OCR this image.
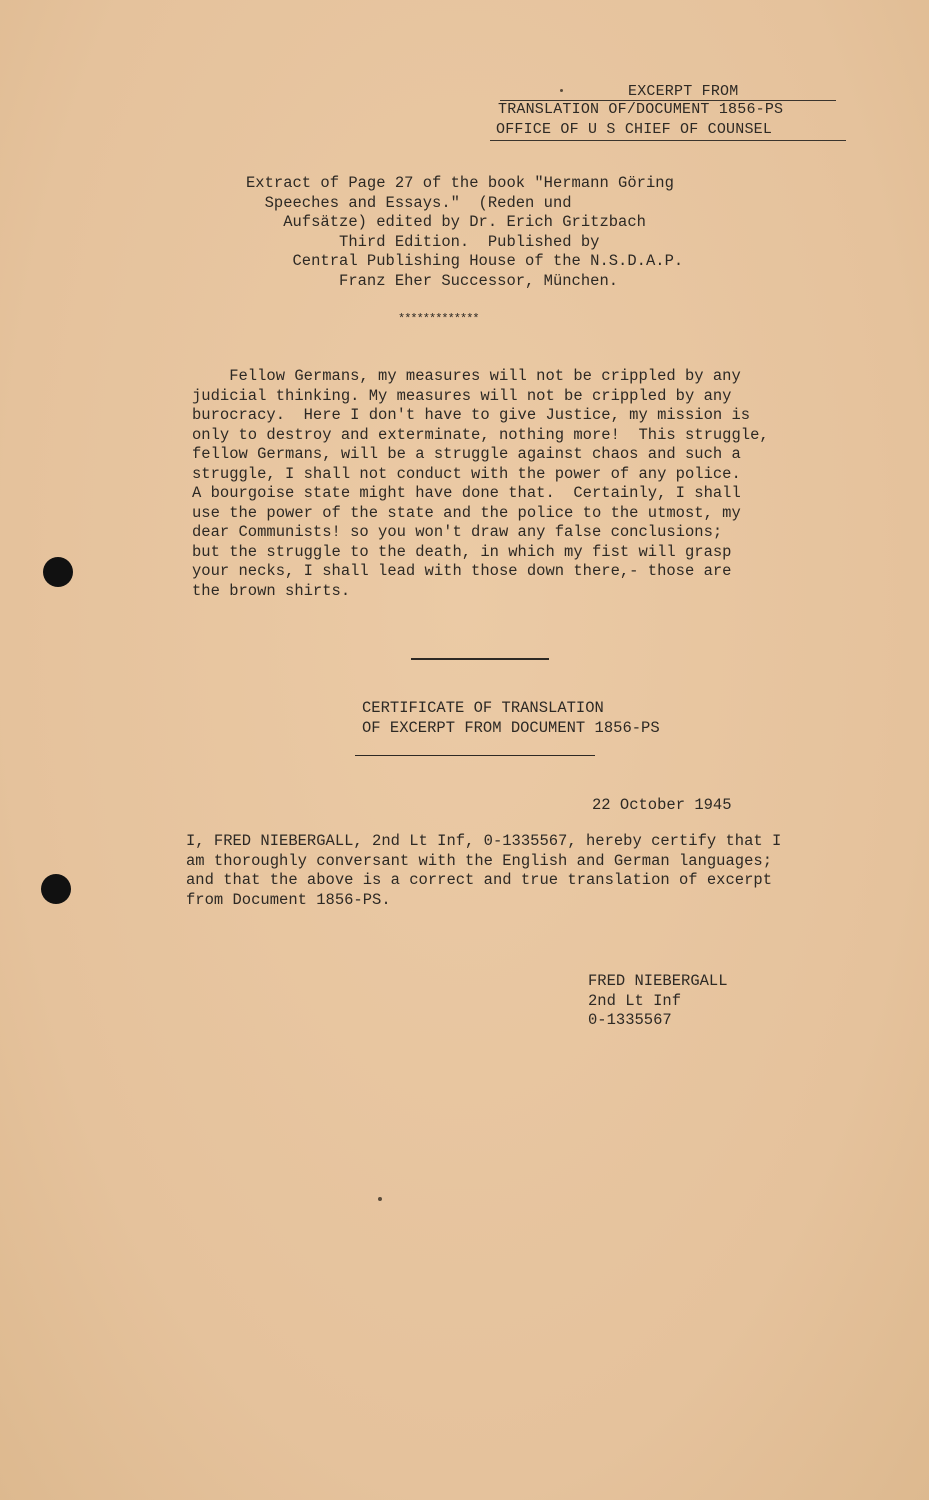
EXCERPT FROM
TRANSLATION OF/DOCUMENT 1856-PS
OFFICE OF U S CHIEF OF COUNSEL
Extract of Page 27 of the book "Hermann Göring
Speeches and Essays."  (Reden und
Aufsätze) edited by Dr. Erich Gritzbach
Third Edition.  Published by
Central Publishing House of the N.S.D.A.P.
Franz Eher Successor, München.
*************
Fellow Germans, my measures will not be crippled by any
judicial thinking. My measures will not be crippled by any
burocracy.  Here I don't have to give Justice, my mission is
only to destroy and exterminate, nothing more!  This struggle,
fellow Germans, will be a struggle against chaos and such a
struggle, I shall not conduct with the power of any police.
A bourgoise state might have done that.  Certainly, I shall
use the power of the state and the police to the utmost, my
dear Communists! so you won't draw any false conclusions;
but the struggle to the death, in which my fist will grasp
your necks, I shall lead with those down there,- those are
the brown shirts.
CERTIFICATE OF TRANSLATION
OF EXCERPT FROM DOCUMENT 1856-PS
22 October 1945
I, FRED NIEBERGALL, 2nd Lt Inf, 0-1335567, hereby certify that I
am thoroughly conversant with the English and German languages;
and that the above is a correct and true translation of excerpt
from Document 1856-PS.
FRED NIEBERGALL
2nd Lt Inf
0-1335567
